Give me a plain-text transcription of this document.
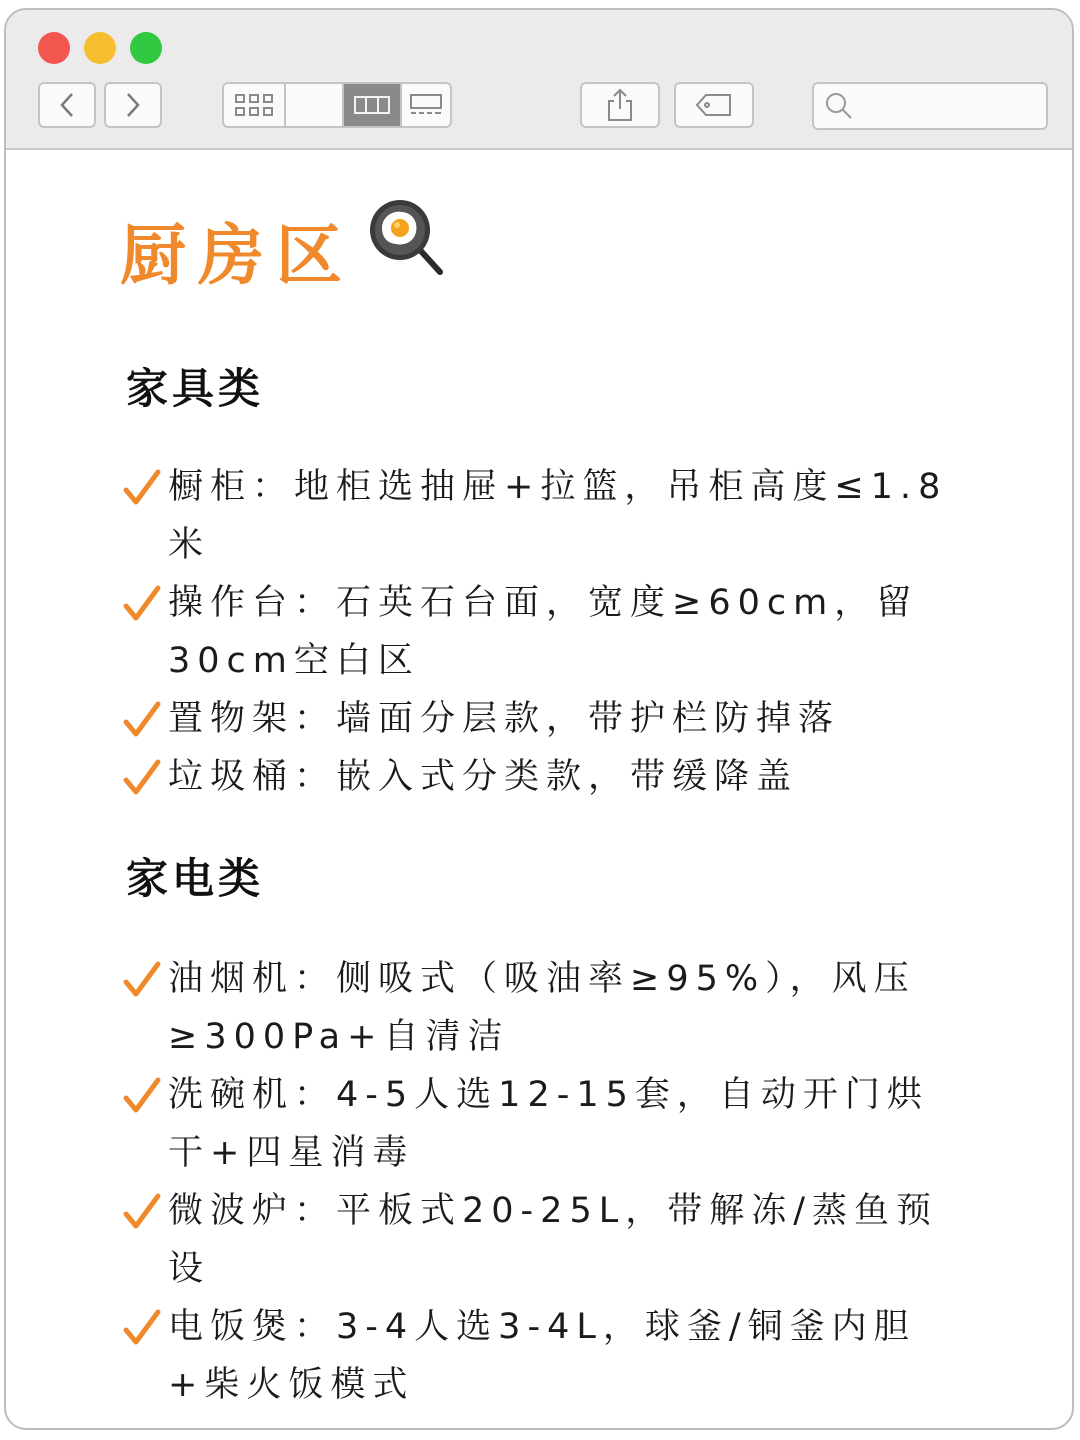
厨房区
家具类
橱柜：地柜选抽屉+拉篮，吊柜高度≤1.8米
操作台：石英石台面，宽度≥60cm，留30cm空白区
置物架：墙面分层款，带护栏防掉落
垃圾桶：嵌入式分类款，带缓降盖
家电类
油烟机：侧吸式（吸油率≥95%），风压≥300Pa+自清洁
洗碗机：4-5人选12-15套，自动开门烘干+四星消毒
微波炉：平板式20-25L，带解冻/蒸鱼预设
电饭煲：3-4人选3-4L，球釜/铜釜内胆+柴火饭模式
